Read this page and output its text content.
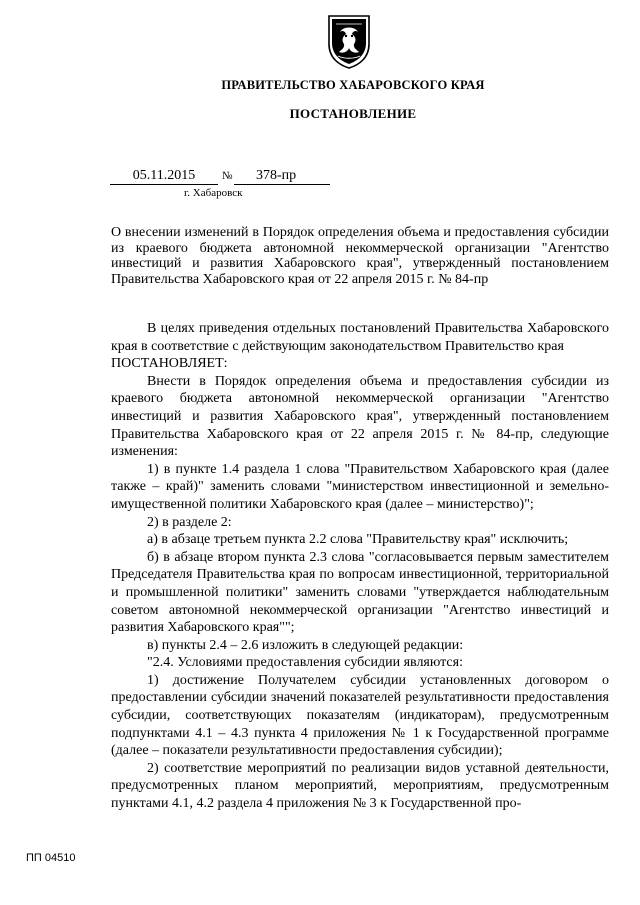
ПРАВИТЕЛЬСТВО ХАБАРОВСКОГО КРАЯ
ПОСТАНОВЛЕНИЕ
05.11.2015	№	378-пр
г. Хабаровск
О внесении изменений в Порядок определения объема и предоставления субсидии из краевого бюджета автономной некоммерческой организации "Агентство инвестиций и развития Хабаровского края", утвержденный постановлением Правительства Хабаровского края от 22 апреля 2015 г. № 84-пр

В целях приведения отдельных постановлений Правительства Хабаровского края в соответствие с действующим законодательством Правительство края

ПОСТАНОВЛЯЕТ:

Внести в Порядок определения объема и предоставления субсидии из краевого бюджета автономной некоммерческой организации "Агентство инвестиций и развития Хабаровского края", утвержденный постановлением Правительства Хабаровского края от 22 апреля 2015 г. № 84-пр, следующие изменения:

1) в пункте 1.4 раздела 1 слова "Правительством Хабаровского края (далее также – край)" заменить словами "министерством инвестиционной и земельно-имущественной политики Хабаровского края (далее – министерство)";

2) в разделе 2:

а) в абзаце третьем пункта 2.2 слова "Правительству края" исключить;

б) в абзаце втором пункта 2.3 слова "согласовывается первым заместителем Председателя Правительства края по вопросам инвестиционной, территориальной и промышленной политики" заменить словами "утверждается наблюдательным советом автономной некоммерческой организации "Агентство инвестиций и развития Хабаровского края"";

в) пункты 2.4 – 2.6 изложить в следующей редакции:

"2.4. Условиями предоставления субсидии являются:

1) достижение Получателем субсидии установленных договором о предоставлении субсидии значений показателей результативности предоставления субсидии, соответствующих показателям (индикаторам), предусмотренным подпунктами 4.1 – 4.3 пункта 4 приложения № 1 к Государственной программе (далее – показатели результативности предоставления субсидии);

2) соответствие мероприятий по реализации видов уставной деятельности, предусмотренных планом мероприятий, мероприятиям, предусмотренным пунктами 4.1, 4.2 раздела 4 приложения № 3 к Государственной про-

ПП 04510
